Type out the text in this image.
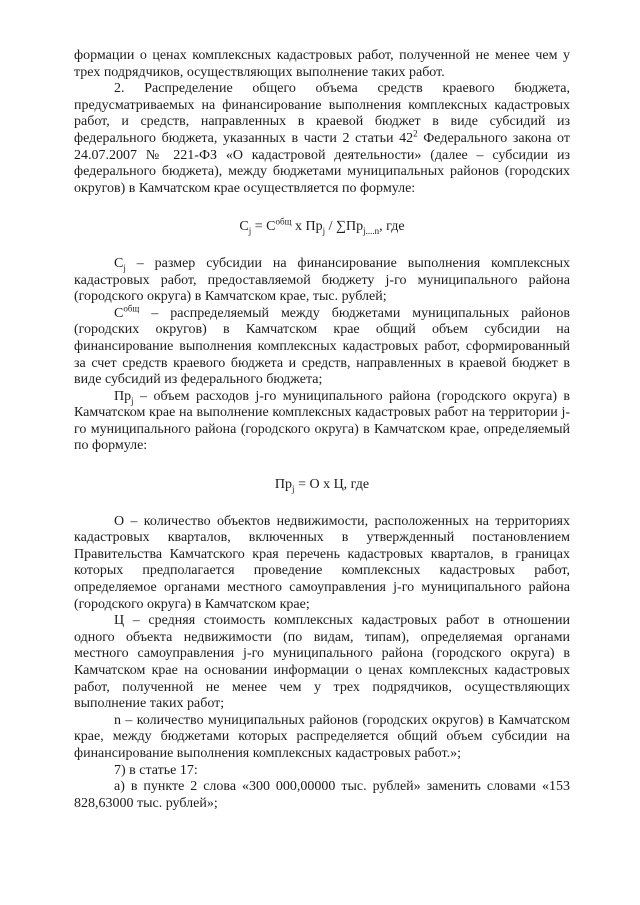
формации о ценах комплексных кадастровых работ, полученной не менее чем у трех подрядчиков, осуществляющих выполнение таких работ.

2. Распределение общего объема средств краевого бюджета, предусматриваемых на финансирование выполнения комплексных кадастровых работ, и средств, направленных в краевой бюджет в виде субсидий из федерального бюджета, указанных в части 2 статьи $42^2$ Федерального закона от 24.07.2007 № 221-ФЗ «О кадастровой деятельности» (далее – субсидии из федерального бюджета), между бюджетами муниципальных районов (городских округов) в Камчатском крае осуществляется по формуле:

$C_j = C^{общ}$ x $Пр_j / \sum Пр_{j....n}$, где

$C_j$ – размер субсидии на финансирование выполнения комплексных кадастровых работ, предоставляемой бюджету j-го муниципального района (городского округа) в Камчатском крае, тыс. рублей;

$C^{общ}$ – распределяемый между бюджетами муниципальных районов (городских округов) в Камчатском крае общий объем субсидии на финансирование выполнения комплексных кадастровых работ, сформированный за счет средств краевого бюджета и средств, направленных в краевой бюджет в виде субсидий из федерального бюджета;

$Пр_j$ – объем расходов j-го муниципального района (городского округа) в Камчатском крае на выполнение комплексных кадастровых работ на территории j-го муниципального района (городского округа) в Камчатском крае, определяемый по формуле:

$Пр_j = О$ x Ц, где

О – количество объектов недвижимости, расположенных на территориях кадастровых кварталов, включенных в утвержденный постановлением Правительства Камчатского края перечень кадастровых кварталов, в границах которых предполагается проведение комплексных кадастровых работ, определяемое органами местного самоуправления j-го муниципального района (городского округа) в Камчатском крае;

Ц – средняя стоимость комплексных кадастровых работ в отношении одного объекта недвижимости (по видам, типам), определяемая органами местного самоуправления j-го муниципального района (городского округа) в Камчатском крае на основании информации о ценах комплексных кадастровых работ, полученной не менее чем у трех подрядчиков, осуществляющих выполнение таких работ;

n – количество муниципальных районов (городских округов) в Камчатском крае, между бюджетами которых распределяется общий объем субсидии на финансирование выполнения комплексных кадастровых работ.»;

7) в статье 17:

а) в пункте 2 слова «300 000,00000 тыс. рублей» заменить словами «153 828,63000 тыс. рублей»;
